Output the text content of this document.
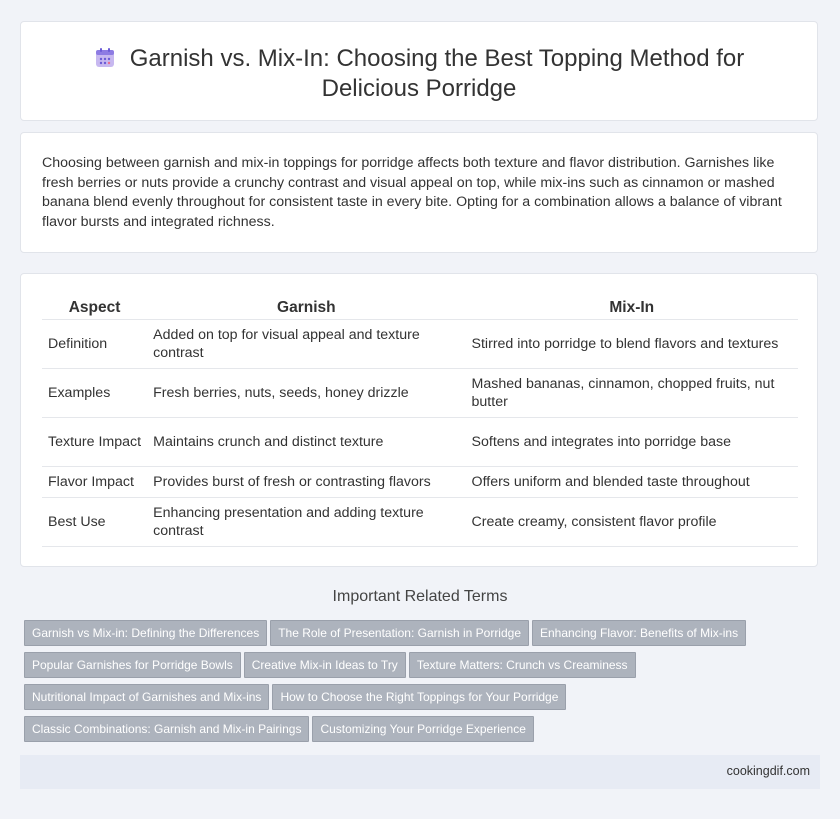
Garnish vs. Mix-In: Choosing the Best Topping Method for
Delicious Porridge
Choosing between garnish and mix-in toppings for porridge affects both texture and flavor distribution. Garnishes like fresh berries or nuts provide a crunchy contrast and visual appeal on top, while mix-ins such as cinnamon or mashed banana blend evenly throughout for consistent taste in every bite. Opting for a combination allows a balance of vibrant flavor bursts and integrated richness.
Aspect	Garnish	Mix-In
Definition	Added on top for visual appeal and texture contrast	Stirred into porridge to blend flavors and textures
Examples	Fresh berries, nuts, seeds, honey drizzle	Mashed bananas, cinnamon, chopped fruits, nut butter
Texture Impact	Maintains crunch and distinct texture	Softens and integrates into porridge base
Flavor Impact	Provides burst of fresh or contrasting flavors	Offers uniform and blended taste throughout
Best Use	Enhancing presentation and adding texture contrast	Create creamy, consistent flavor profile
Important Related Terms
Garnish vs Mix-in: Defining the Differences The Role of Presentation: Garnish in Porridge Enhancing Flavor: Benefits of Mix-ins
Popular Garnishes for Porridge Bowls Creative Mix-in Ideas to Try Texture Matters: Crunch vs Creaminess
Nutritional Impact of Garnishes and Mix-ins How to Choose the Right Toppings for Your Porridge
Classic Combinations: Garnish and Mix-in Pairings Customizing Your Porridge Experience
cookingdif.com
